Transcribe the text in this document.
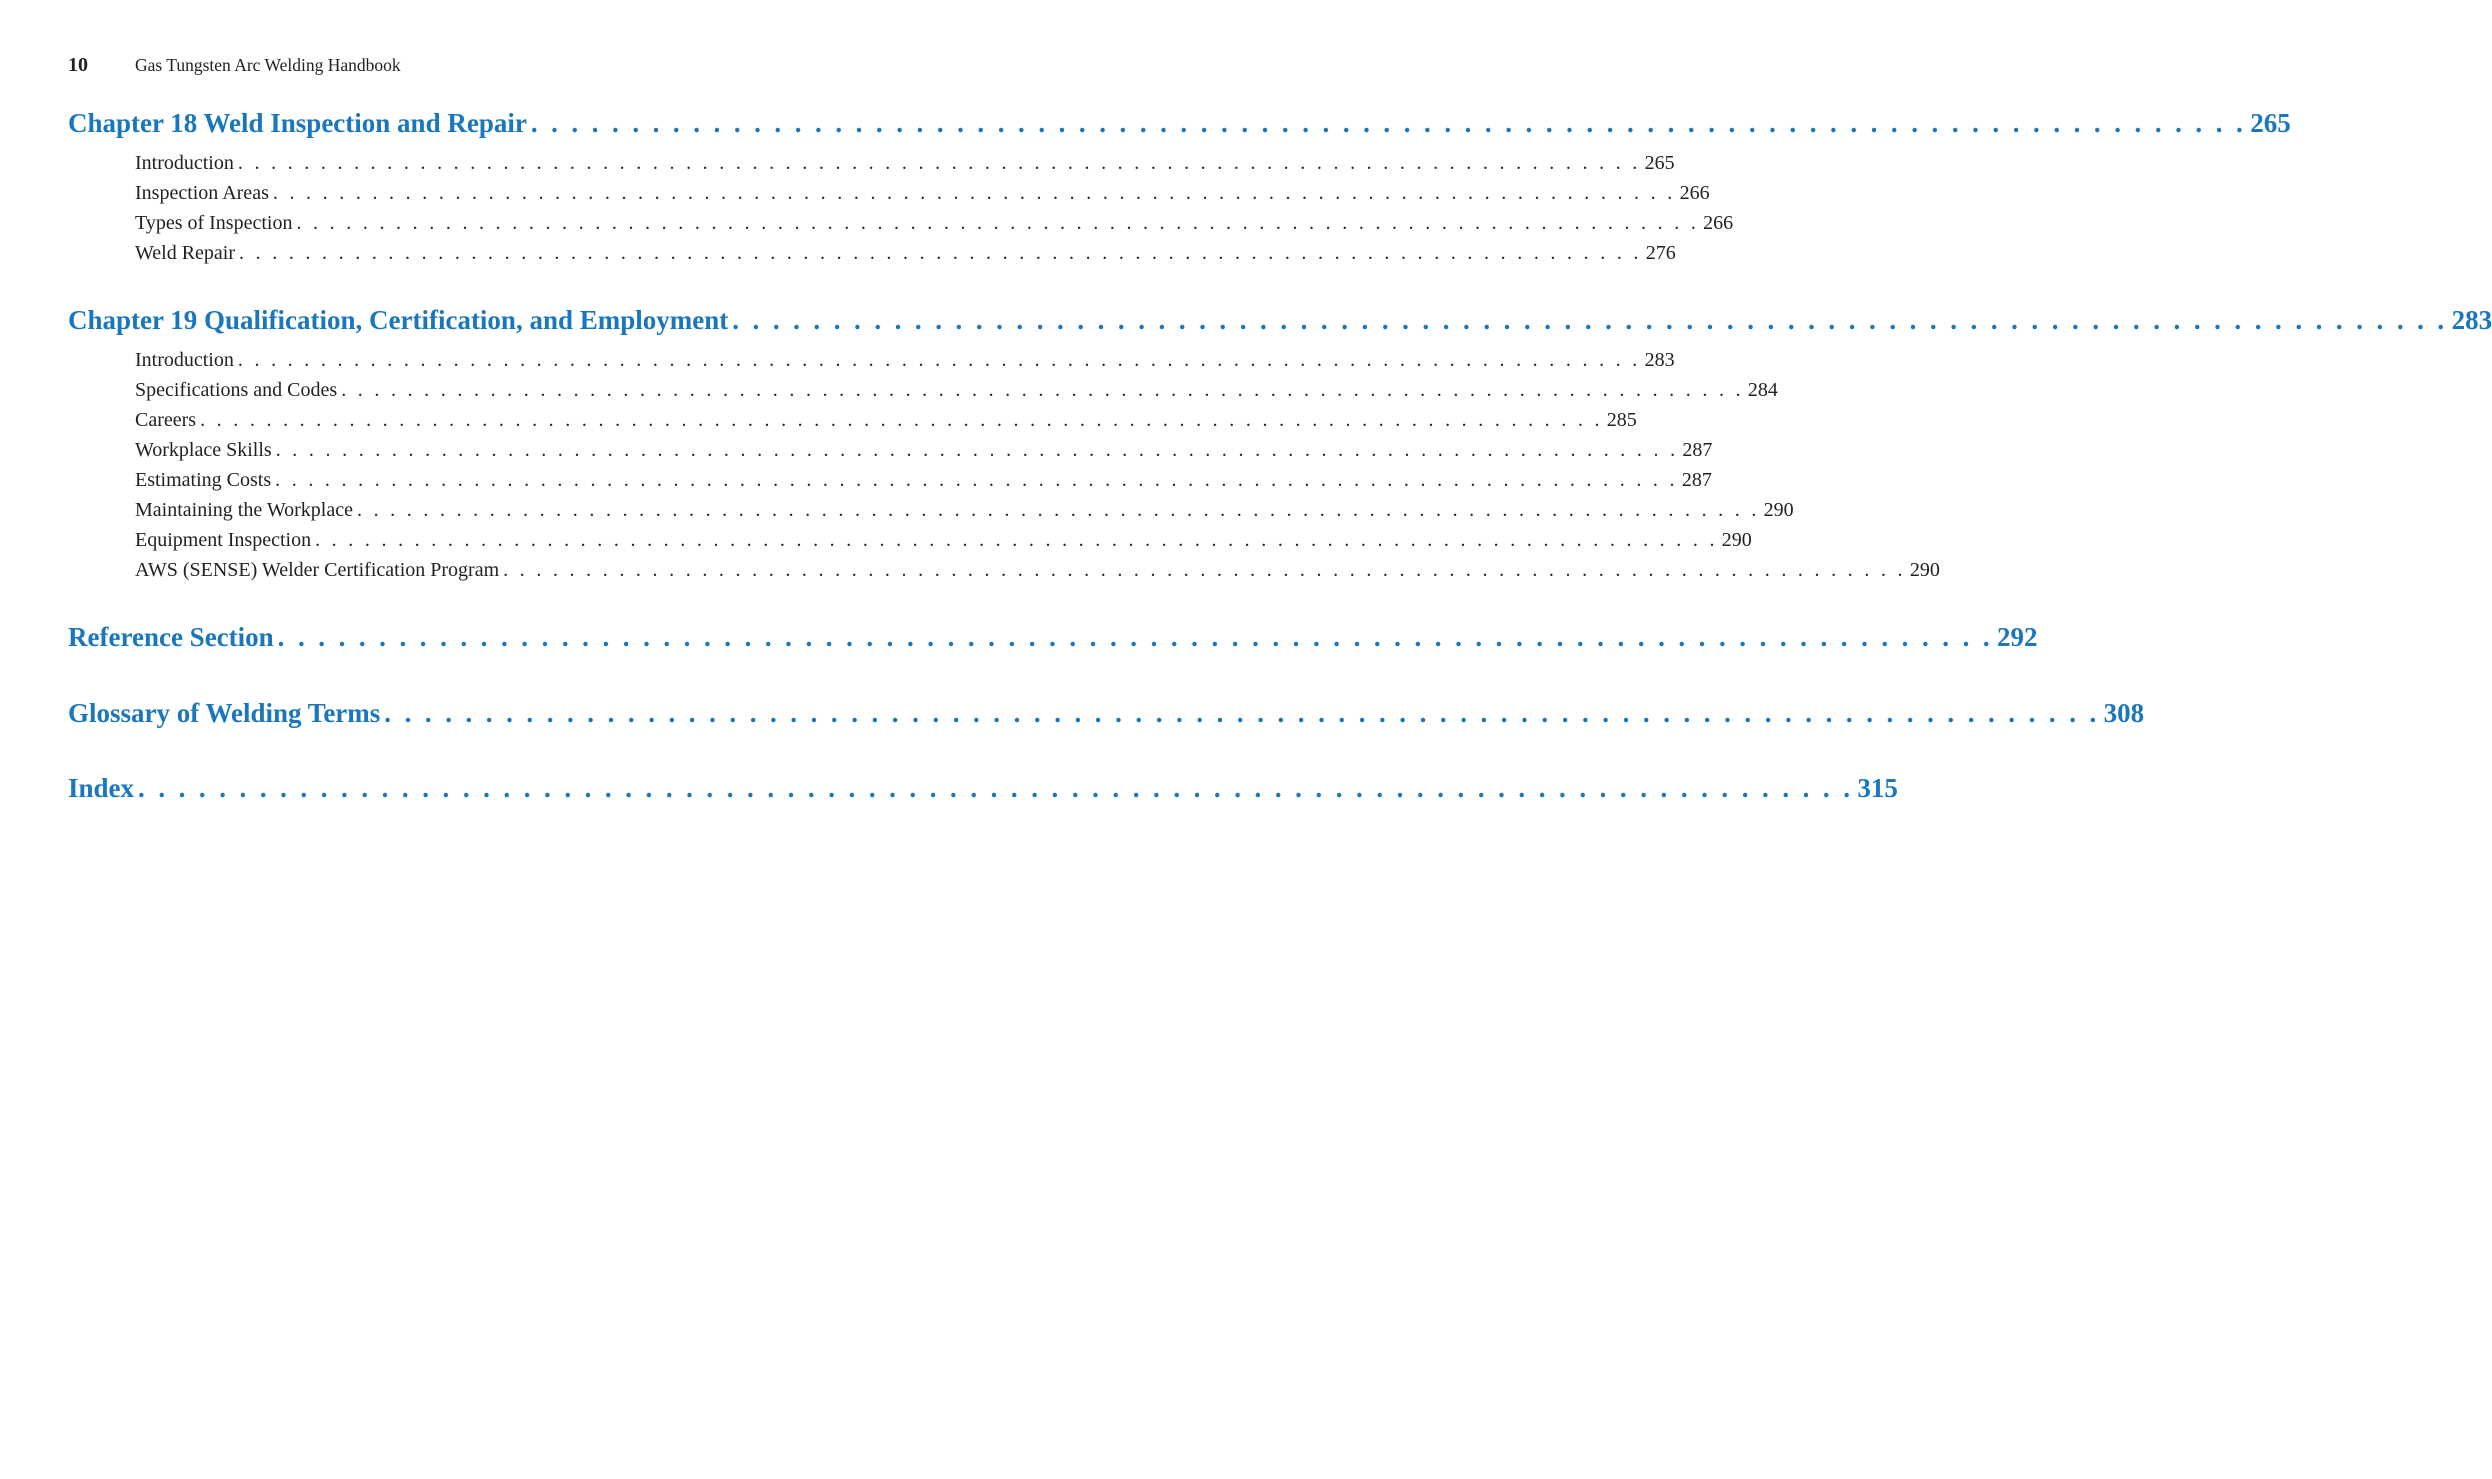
10	Gas Tungsten Arc Welding Handbook
Chapter 18 Weld Inspection and Repair . . . . . . . . . . . . . . . . . . . . . . . . . . . . . . . . . . . . . . . . . . . . . . . . . . . . . . . . . . . . . . . . . . . . . . . . . . . . . . . . . . . . . 265
Introduction . . . . . . . . . . . . . . . . . . . . . . . . . . . . . . . . . . . . . . . . . . . . . . . . . . . . . . . . . . . . . . . . . . . . . . . . . . . . . . . . . . . . . 265
Inspection Areas . . . . . . . . . . . . . . . . . . . . . . . . . . . . . . . . . . . . . . . . . . . . . . . . . . . . . . . . . . . . . . . . . . . . . . . . . . . . . . . . . . . . . 266
Types of Inspection . . . . . . . . . . . . . . . . . . . . . . . . . . . . . . . . . . . . . . . . . . . . . . . . . . . . . . . . . . . . . . . . . . . . . . . . . . . . . . . . . . . . . 266
Weld Repair . . . . . . . . . . . . . . . . . . . . . . . . . . . . . . . . . . . . . . . . . . . . . . . . . . . . . . . . . . . . . . . . . . . . . . . . . . . . . . . . . . . . . 276
Chapter 19 Qualification, Certification, and Employment . . . . . . . . . . . . . . . . . . . . . . . . . . . . . . . . . . . . . . . . . . . . . . . . . . . . . . . . . . . . . . . . . . . . . . . . . . . . . . . . . . . . . 283
Introduction . . . . . . . . . . . . . . . . . . . . . . . . . . . . . . . . . . . . . . . . . . . . . . . . . . . . . . . . . . . . . . . . . . . . . . . . . . . . . . . . . . . . . 283
Specifications and Codes . . . . . . . . . . . . . . . . . . . . . . . . . . . . . . . . . . . . . . . . . . . . . . . . . . . . . . . . . . . . . . . . . . . . . . . . . . . . . . . . . . . . . 284
Careers . . . . . . . . . . . . . . . . . . . . . . . . . . . . . . . . . . . . . . . . . . . . . . . . . . . . . . . . . . . . . . . . . . . . . . . . . . . . . . . . . . . . . 285
Workplace Skills . . . . . . . . . . . . . . . . . . . . . . . . . . . . . . . . . . . . . . . . . . . . . . . . . . . . . . . . . . . . . . . . . . . . . . . . . . . . . . . . . . . . . 287
Estimating Costs . . . . . . . . . . . . . . . . . . . . . . . . . . . . . . . . . . . . . . . . . . . . . . . . . . . . . . . . . . . . . . . . . . . . . . . . . . . . . . . . . . . . . 287
Maintaining the Workplace . . . . . . . . . . . . . . . . . . . . . . . . . . . . . . . . . . . . . . . . . . . . . . . . . . . . . . . . . . . . . . . . . . . . . . . . . . . . . . . . . . . . . 290
Equipment Inspection . . . . . . . . . . . . . . . . . . . . . . . . . . . . . . . . . . . . . . . . . . . . . . . . . . . . . . . . . . . . . . . . . . . . . . . . . . . . . . . . . . . . . 290
AWS (SENSE) Welder Certification Program . . . . . . . . . . . . . . . . . . . . . . . . . . . . . . . . . . . . . . . . . . . . . . . . . . . . . . . . . . . . . . . . . . . . . . . . . . . . . . . . . . . . . 290
Reference Section . . . . . . . . . . . . . . . . . . . . . . . . . . . . . . . . . . . . . . . . . . . . . . . . . . . . . . . . . . . . . . . . . . . . . . . . . . . . . . . . . . . . . 292
Glossary of Welding Terms . . . . . . . . . . . . . . . . . . . . . . . . . . . . . . . . . . . . . . . . . . . . . . . . . . . . . . . . . . . . . . . . . . . . . . . . . . . . . . . . . . . . . 308
Index . . . . . . . . . . . . . . . . . . . . . . . . . . . . . . . . . . . . . . . . . . . . . . . . . . . . . . . . . . . . . . . . . . . . . . . . . . . . . . . . . . . . . 315
